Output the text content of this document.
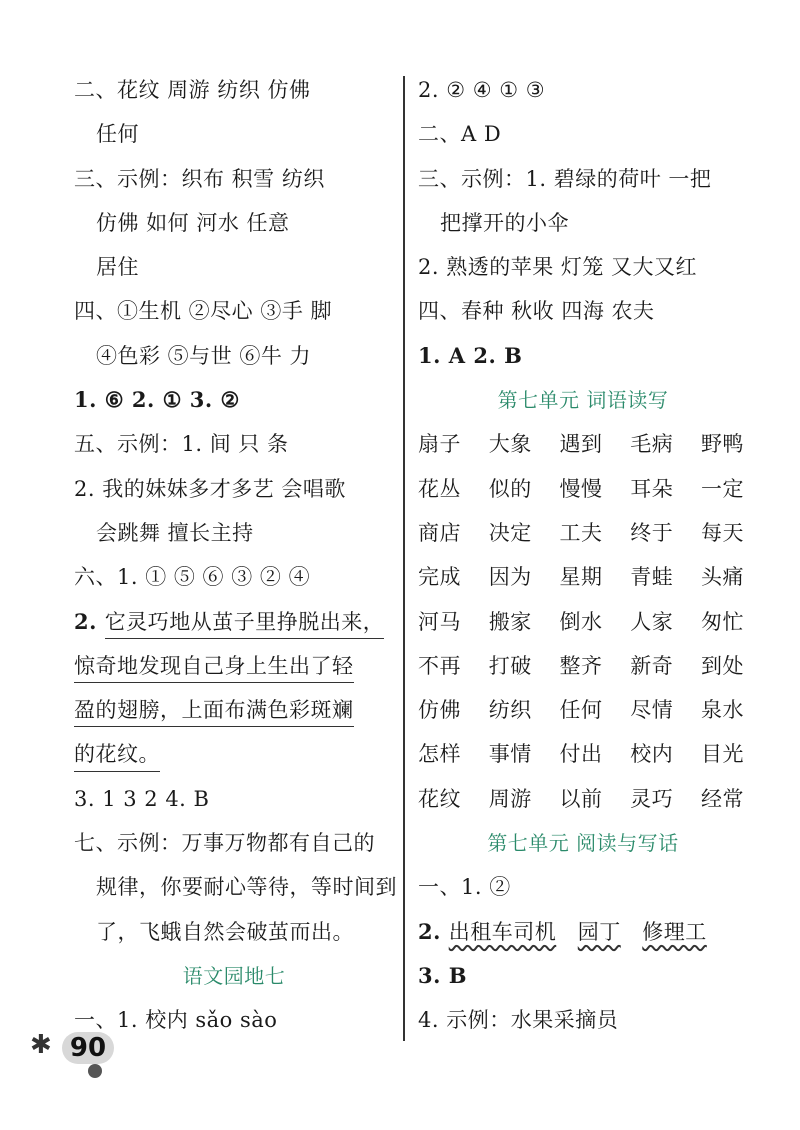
二、花纹 周游 纺织 仿佛
任何
三、示例：织布 积雪 纺织
仿佛 如何 河水 任意
居住
四、①生机 ②尽心 ③手 脚
④色彩 ⑤与世 ⑥牛 力
1. ⑥ 2. ① 3. ②
五、示例：1. 间 只 条
2. 我的妹妹多才多艺 会唱歌
会跳舞 擅长主持
六、1. ① ⑤ ⑥ ③ ② ④
2. 它灵巧地从茧子里挣脱出来，
惊奇地发现自己身上生出了轻
盈的翅膀，上面布满色彩斑斓
的花纹。
3. 1 3 2 4. B
七、示例：万事万物都有自己的
规律，你要耐心等待，等时间到
了，飞蛾自然会破茧而出。
语文园地七
一、1. 校内 sǎo sào
2. ② ④ ① ③
二、A D
三、示例：1. 碧绿的荷叶 一把
把撑开的小伞
2. 熟透的苹果 灯笼 又大又红
四、春种 秋收 四海 农夫
1. A 2. B
第七单元 词语读写
扇子 大象 遇到 毛病 野鸭
花丛 似的 慢慢 耳朵 一定
商店 决定 工夫 终于 每天
完成 因为 星期 青蛙 头痛
河马 搬家 倒水 人家 匆忙
不再 打破 整齐 新奇 到处
仿佛 纺织 任何 尽情 泉水
怎样 事情 付出 校内 目光
花纹 周游 以前 灵巧 经常
第七单元 阅读与写话
一、1. ②
2. 出租车司机 园丁 修理工
3. B
4. 示例：水果采摘员
✱ 90
